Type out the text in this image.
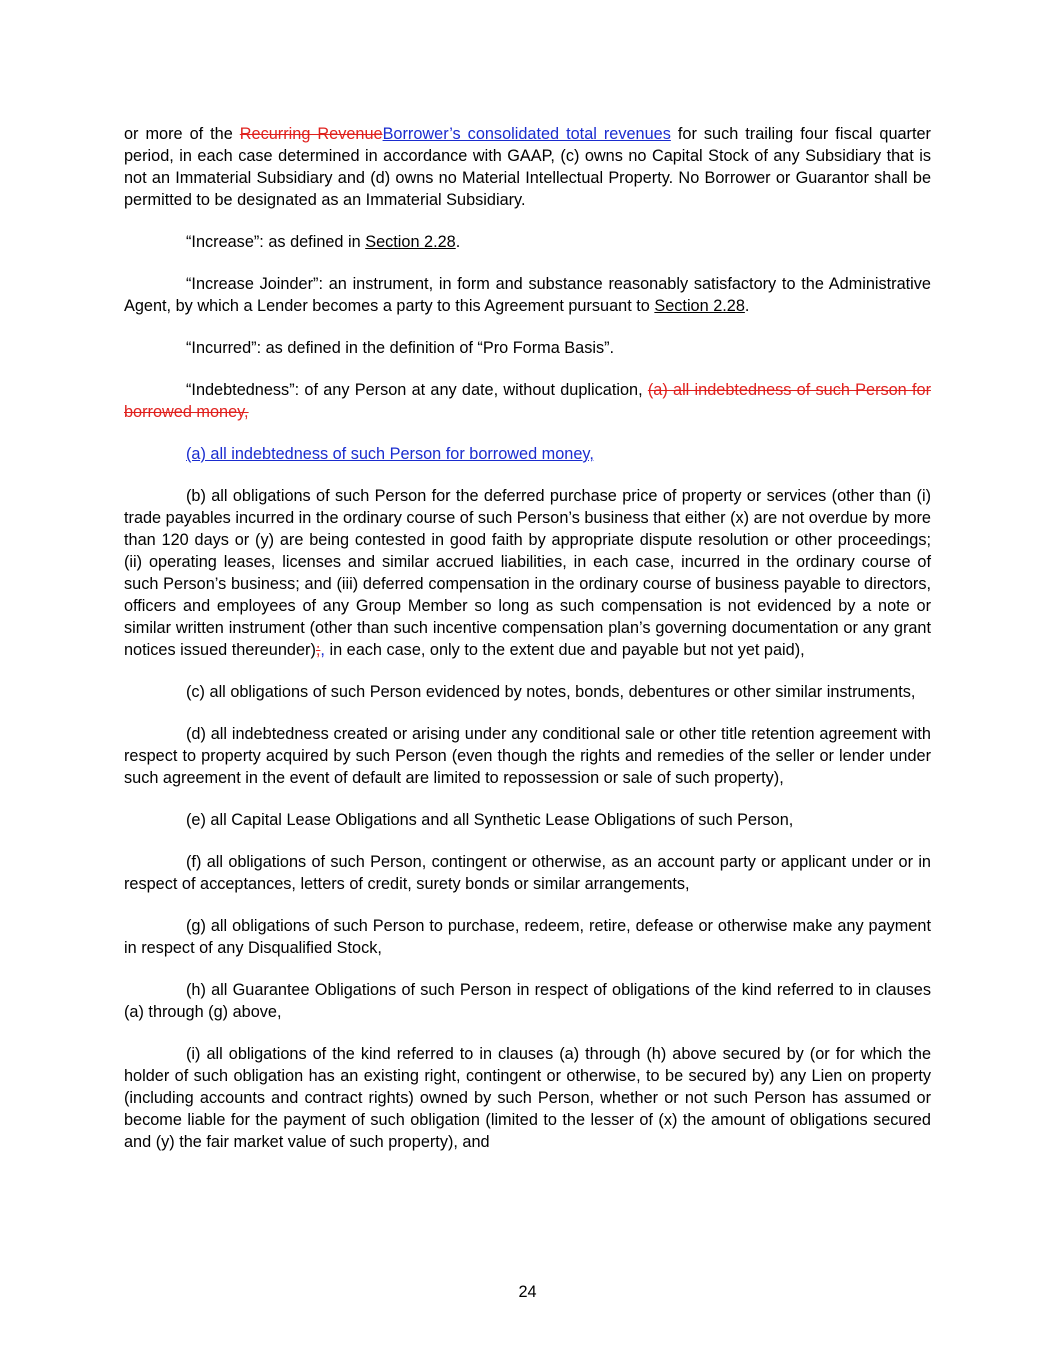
or more of the Recurring RevenueBorrower’s consolidated total revenues for such trailing four fiscal quarter period, in each case determined in accordance with GAAP, (c) owns no Capital Stock of any Subsidiary that is not an Immaterial Subsidiary and (d) owns no Material Intellectual Property. No Borrower or Guarantor shall be permitted to be designated as an Immaterial Subsidiary.

“Increase”: as defined in Section 2.28.

“Increase Joinder”: an instrument, in form and substance reasonably satisfactory to the Administrative Agent, by which a Lender becomes a party to this Agreement pursuant to Section 2.28.

“Incurred”: as defined in the definition of “Pro Forma Basis”.

“Indebtedness”: of any Person at any date, without duplication, (a) all indebtedness of such Person for borrowed money,

(a) all indebtedness of such Person for borrowed money,

(b) all obligations of such Person for the deferred purchase price of property or services (other than (i) trade payables incurred in the ordinary course of such Person’s business that either (x) are not overdue by more than 120 days or (y) are being contested in good faith by appropriate dispute resolution or other proceedings; (ii) operating leases, licenses and similar accrued liabilities, in each case, incurred in the ordinary course of such Person’s business; and (iii) deferred compensation in the ordinary course of business payable to directors, officers and employees of any Group Member so long as such compensation is not evidenced by a note or similar written instrument (other than such incentive compensation plan’s governing documentation or any grant notices issued thereunder);, in each case, only to the extent due and payable but not yet paid),

(c) all obligations of such Person evidenced by notes, bonds, debentures or other similar instruments,

(d) all indebtedness created or arising under any conditional sale or other title retention agreement with respect to property acquired by such Person (even though the rights and remedies of the seller or lender under such agreement in the event of default are limited to repossession or sale of such property),

(e) all Capital Lease Obligations and all Synthetic Lease Obligations of such Person,

(f) all obligations of such Person, contingent or otherwise, as an account party or applicant under or in respect of acceptances, letters of credit, surety bonds or similar arrangements,

(g) all obligations of such Person to purchase, redeem, retire, defease or otherwise make any payment in respect of any Disqualified Stock,

(h) all Guarantee Obligations of such Person in respect of obligations of the kind referred to in clauses (a) through (g) above,

(i) all obligations of the kind referred to in clauses (a) through (h) above secured by (or for which the holder of such obligation has an existing right, contingent or otherwise, to be secured by) any Lien on property (including accounts and contract rights) owned by such Person, whether or not such Person has assumed or become liable for the payment of such obligation (limited to the lesser of (x) the amount of obligations secured and (y) the fair market value of such property), and

24
